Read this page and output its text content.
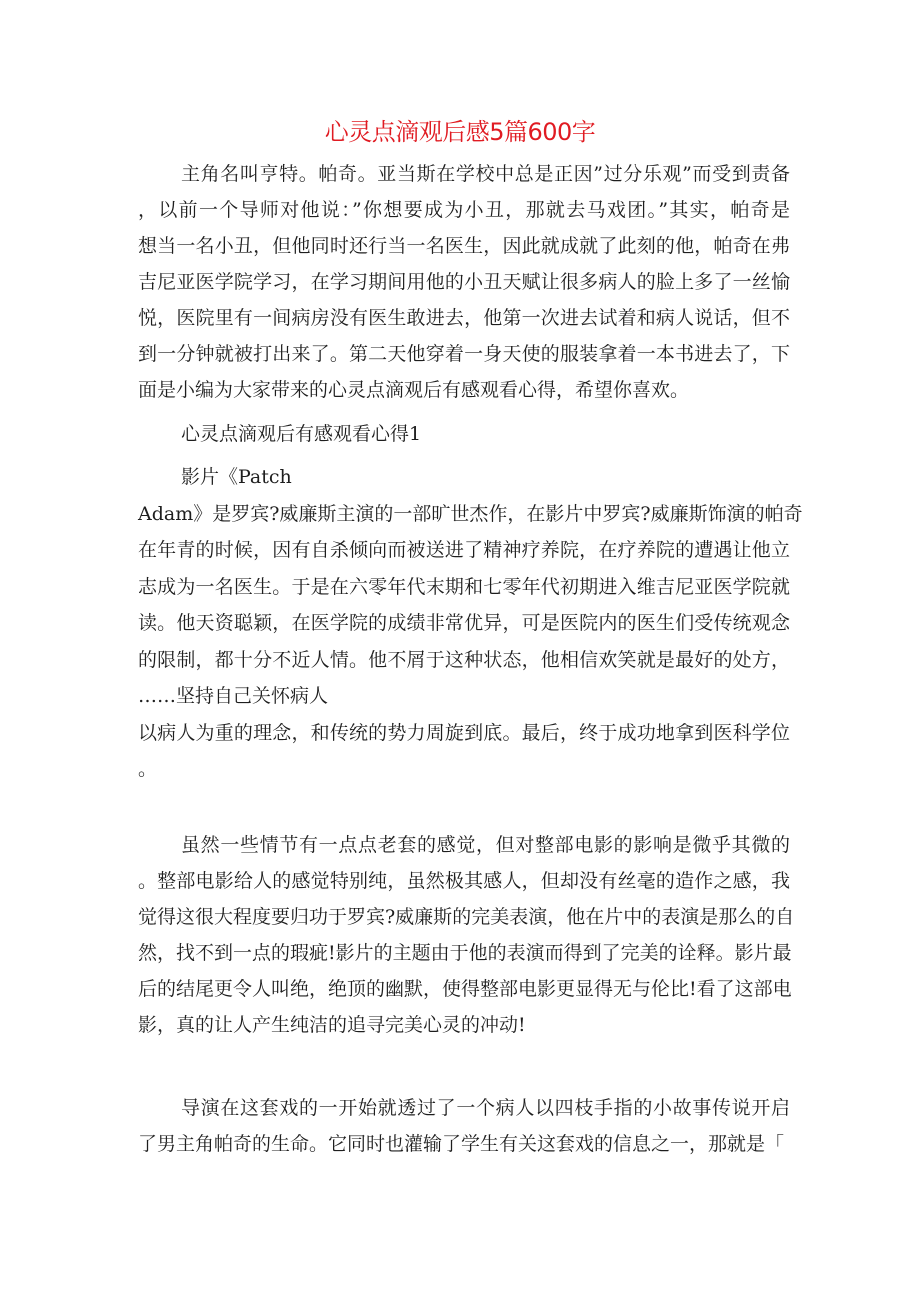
心灵点滴观后感5篇600字
主角名叫亨特。帕奇。亚当斯在学校中总是正因”过分乐观”而受到责备
，以前一个导师对他说：”你想要成为小丑，那就去马戏团。”其实，帕奇是
想当一名小丑，但他同时还行当一名医生，因此就成就了此刻的他，帕奇在弗
吉尼亚医学院学习，在学习期间用他的小丑天赋让很多病人的脸上多了一丝愉
悦，医院里有一间病房没有医生敢进去，他第一次进去试着和病人说话，但不
到一分钟就被打出来了。第二天他穿着一身天使的服装拿着一本书进去了，下
面是小编为大家带来的心灵点滴观后有感观看心得，希望你喜欢。
心灵点滴观后有感观看心得1
影片《Patch
Adam》是罗宾?威廉斯主演的一部旷世杰作，在影片中罗宾?威廉斯饰演的帕奇
在年青的时候，因有自杀倾向而被送进了精神疗养院，在疗养院的遭遇让他立
志成为一名医生。于是在六零年代末期和七零年代初期进入维吉尼亚医学院就
读。他天资聪颖，在医学院的成绩非常优异，可是医院内的医生们受传统观念
的限制，都十分不近人情。他不屑于这种状态，他相信欢笑就是最好的处方，
……坚持自己关怀病人
以病人为重的理念，和传统的势力周旋到底。最后，终于成功地拿到医科学位
。
虽然一些情节有一点点老套的感觉，但对整部电影的影响是微乎其微的
。整部电影给人的感觉特别纯，虽然极其感人，但却没有丝毫的造作之感，我
觉得这很大程度要归功于罗宾?威廉斯的完美表演，他在片中的表演是那么的自
然，找不到一点的瑕疵!影片的主题由于他的表演而得到了完美的诠释。影片最
后的结尾更令人叫绝，绝顶的幽默，使得整部电影更显得无与伦比!看了这部电
影，真的让人产生纯洁的追寻完美心灵的冲动!
导演在这套戏的一开始就透过了一个病人以四枝手指的小故事传说开启
了男主角帕奇的生命。它同时也灌输了学生有关这套戏的信息之一，那就是「
